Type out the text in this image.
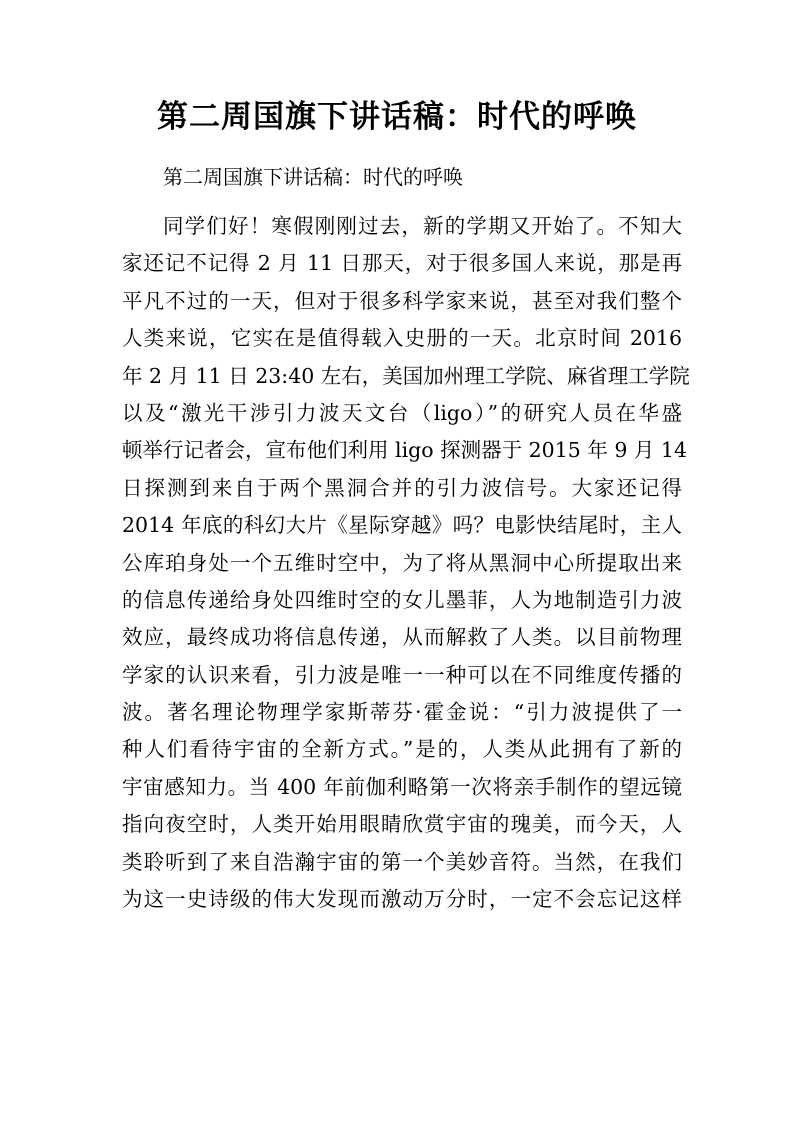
第二周国旗下讲话稿：时代的呼唤

第二周国旗下讲话稿：时代的呼唤

同学们好！寒假刚刚过去，新的学期又开始了。不知大
家还记不记得 2 月 11 日那天，对于很多国人来说，那是再
平凡不过的一天，但对于很多科学家来说，甚至对我们整个
人类来说，它实在是值得载入史册的一天。北京时间 2016
年 2 月 11 日 23:40 左右，美国加州理工学院、麻省理工学院
以及“激光干涉引力波天文台（ligo）”的研究人员在华盛
顿举行记者会，宣布他们利用 ligo 探测器于 2015 年 9 月 14
日探测到来自于两个黑洞合并的引力波信号。大家还记得
2014 年底的科幻大片《星际穿越》吗？电影快结尾时，主人
公库珀身处一个五维时空中，为了将从黑洞中心所提取出来
的信息传递给身处四维时空的女儿墨菲，人为地制造引力波
效应，最终成功将信息传递，从而解救了人类。以目前物理
学家的认识来看，引力波是唯一一种可以在不同维度传播的
波。著名理论物理学家斯蒂芬·霍金说：“引力波提供了一
种人们看待宇宙的全新方式。”是的，人类从此拥有了新的
宇宙感知力。当 400 年前伽利略第一次将亲手制作的望远镜
指向夜空时，人类开始用眼睛欣赏宇宙的瑰美，而今天，人
类聆听到了来自浩瀚宇宙的第一个美妙音符。当然，在我们
为这一史诗级的伟大发现而激动万分时，一定不会忘记这样
